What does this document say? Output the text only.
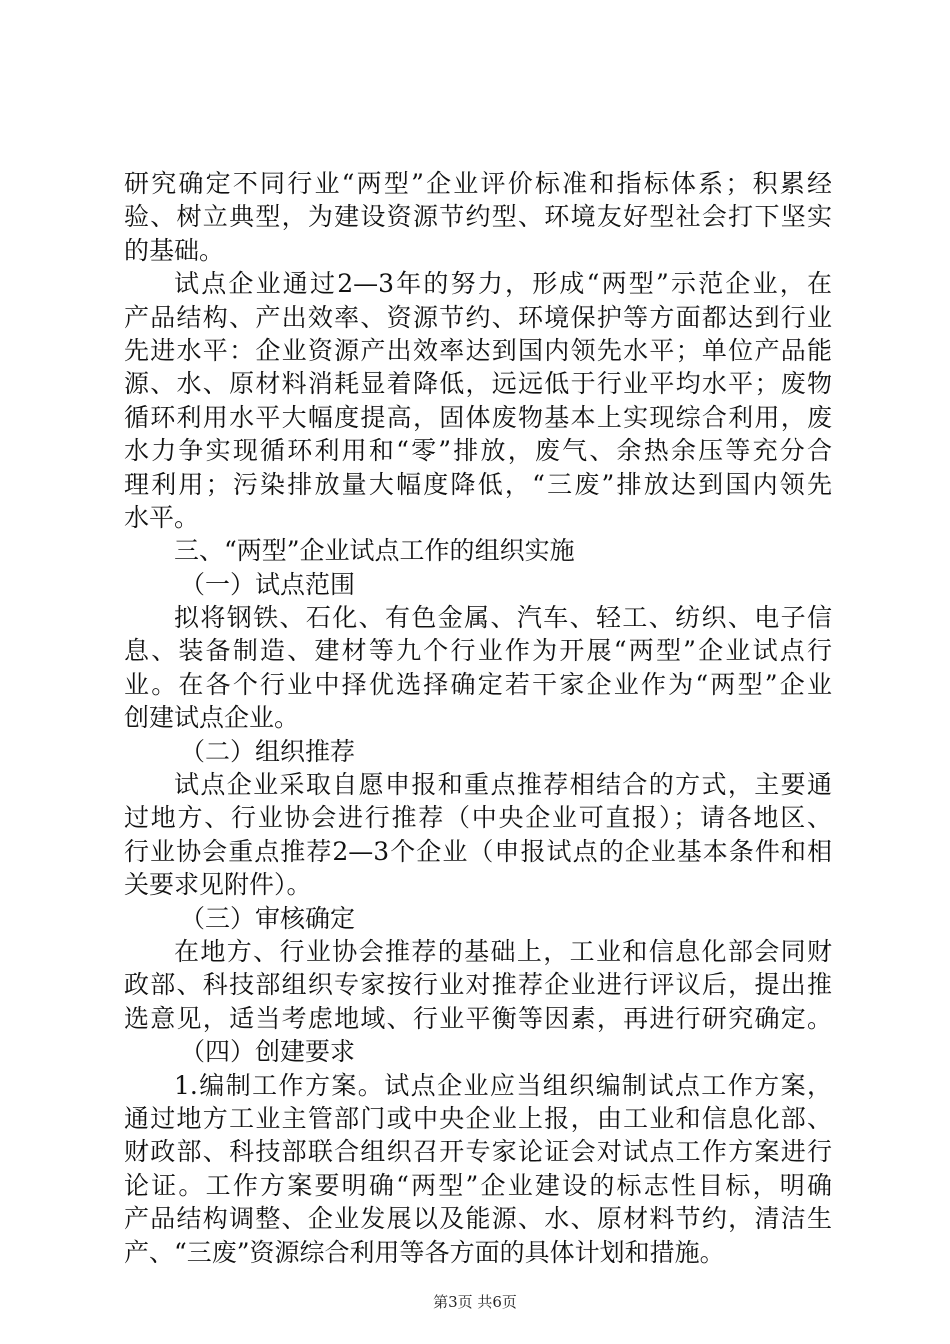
研究确定不同行业“两型”企业评价标准和指标体系；积累经
验、树立典型，为建设资源节约型、环境友好型社会打下坚实
的基础。
试点企业通过2—3年的努力，形成“两型”示范企业，在
产品结构、产出效率、资源节约、环境保护等方面都达到行业
先进水平：企业资源产出效率达到国内领先水平；单位产品能
源、水、原材料消耗显着降低，远远低于行业平均水平；废物
循环利用水平大幅度提高，固体废物基本上实现综合利用，废
水力争实现循环利用和“零”排放，废气、余热余压等充分合
理利用；污染排放量大幅度降低，“三废”排放达到国内领先
水平。
三、“两型”企业试点工作的组织实施
（一）试点范围
拟将钢铁、石化、有色金属、汽车、轻工、纺织、电子信
息、装备制造、建材等九个行业作为开展“两型”企业试点行
业。在各个行业中择优选择确定若干家企业作为“两型”企业
创建试点企业。
（二）组织推荐
试点企业采取自愿申报和重点推荐相结合的方式，主要通
过地方、行业协会进行推荐（中央企业可直报）；请各地区、
行业协会重点推荐2—3个企业（申报试点的企业基本条件和相
关要求见附件）。
（三）审核确定
在地方、行业协会推荐的基础上，工业和信息化部会同财
政部、科技部组织专家按行业对推荐企业进行评议后，提出推
选意见，适当考虑地域、行业平衡等因素，再进行研究确定。
（四）创建要求
1.编制工作方案。试点企业应当组织编制试点工作方案，
通过地方工业主管部门或中央企业上报，由工业和信息化部、
财政部、科技部联合组织召开专家论证会对试点工作方案进行
论证。工作方案要明确“两型”企业建设的标志性目标，明确
产品结构调整、企业发展以及能源、水、原材料节约，清洁生
产、“三废”资源综合利用等各方面的具体计划和措施。
第3页 共6页
